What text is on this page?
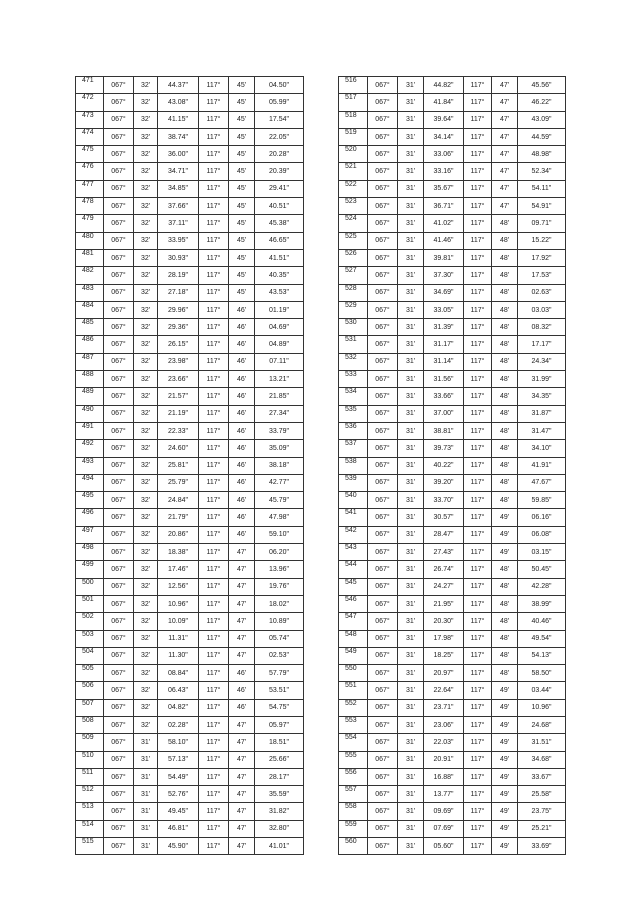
471	067°	32'	44.37"	117°	45'	04.50"
472	067°	32'	43.08"	117°	45'	05.99"
473	067°	32'	41.15"	117°	45'	17.54"
474	067°	32'	38.74"	117°	45'	22.05"
475	067°	32'	36.00"	117°	45'	20.28"
476	067°	32'	34.71"	117°	45'	20.39"
477	067°	32'	34.85"	117°	45'	29.41"
478	067°	32'	37.66"	117°	45'	40.51"
479	067°	32'	37.11"	117°	45'	45.38"
480	067°	32'	33.95"	117°	45'	46.65"
481	067°	32'	30.93"	117°	45'	41.51"
482	067°	32'	28.19"	117°	45'	40.35"
483	067°	32'	27.18"	117°	45'	43.53"
484	067°	32'	29.96"	117°	46'	01.19"
485	067°	32'	29.36"	117°	46'	04.69"
486	067°	32'	26.15"	117°	46'	04.89"
487	067°	32'	23.98"	117°	46'	07.11"
488	067°	32'	23.66"	117°	46'	13.21"
489	067°	32'	21.57"	117°	46'	21.85"
490	067°	32'	21.19"	117°	46'	27.34"
491	067°	32'	22.33"	117°	46'	33.79"
492	067°	32'	24.60"	117°	46'	35.09"
493	067°	32'	25.81"	117°	46'	38.18"
494	067°	32'	25.79"	117°	46'	42.77"
495	067°	32'	24.84"	117°	46'	45.79"
496	067°	32'	21.79"	117°	46'	47.98"
497	067°	32'	20.86"	117°	46'	59.10"
498	067°	32'	18.38"	117°	47'	06.20"
499	067°	32'	17.46"	117°	47'	13.96"
500	067°	32'	12.56"	117°	47'	19.76"
501	067°	32'	10.96"	117°	47'	18.02"
502	067°	32'	10.09"	117°	47'	10.89"
503	067°	32'	11.31"	117°	47'	05.74"
504	067°	32'	11.30"	117°	47'	02.53"
505	067°	32'	08.84"	117°	46'	57.79"
506	067°	32'	06.43"	117°	46'	53.51"
507	067°	32'	04.82"	117°	46'	54.75"
508	067°	32'	02.28"	117°	47'	05.97"
509	067°	31'	58.10"	117°	47'	18.51"
510	067°	31'	57.13"	117°	47'	25.66"
511	067°	31'	54.49"	117°	47'	28.17"
512	067°	31'	52.76"	117°	47'	35.59"
513	067°	31'	49.45"	117°	47'	31.82"
514	067°	31'	46.81"	117°	47'	32.80"
515	067°	31'	45.90"	117°	47'	41.01"
516	067°	31'	44.82"	117°	47'	45.56"
517	067°	31'	41.84"	117°	47'	46.22"
518	067°	31'	39.64"	117°	47'	43.09"
519	067°	31'	34.14"	117°	47'	44.59"
520	067°	31'	33.06"	117°	47'	48.98"
521	067°	31'	33.16"	117°	47'	52.34"
522	067°	31'	35.67"	117°	47'	54.11"
523	067°	31'	36.71"	117°	47'	54.91"
524	067°	31'	41.02"	117°	48'	09.71"
525	067°	31'	41.46"	117°	48'	15.22"
526	067°	31'	39.81"	117°	48'	17.92"
527	067°	31'	37.30"	117°	48'	17.53"
528	067°	31'	34.69"	117°	48'	02.63"
529	067°	31'	33.05"	117°	48'	03.03"
530	067°	31'	31.39"	117°	48'	08.32"
531	067°	31'	31.17"	117°	48'	17.17"
532	067°	31'	31.14"	117°	48'	24.34"
533	067°	31'	31.56"	117°	48'	31.99"
534	067°	31'	33.66"	117°	48'	34.35"
535	067°	31'	37.00"	117°	48'	31.87"
536	067°	31'	38.81"	117°	48'	31.47"
537	067°	31'	39.73"	117°	48'	34.10"
538	067°	31'	40.22"	117°	48'	41.91"
539	067°	31'	39.20"	117°	48'	47.67"
540	067°	31'	33.70"	117°	48'	59.85"
541	067°	31'	30.57"	117°	49'	06.16"
542	067°	31'	28.47"	117°	49'	06.08"
543	067°	31'	27.43"	117°	49'	03.15"
544	067°	31'	26.74"	117°	48'	50.45"
545	067°	31'	24.27"	117°	48'	42.28"
546	067°	31'	21.95"	117°	48'	38.99"
547	067°	31'	20.30"	117°	48'	40.46"
548	067°	31'	17.98"	117°	48'	49.54"
549	067°	31'	18.25"	117°	48'	54.13"
550	067°	31'	20.97"	117°	48'	58.50"
551	067°	31'	22.64"	117°	49'	03.44"
552	067°	31'	23.71"	117°	49'	10.96"
553	067°	31'	23.06"	117°	49'	24.68"
554	067°	31'	22.03"	117°	49'	31.51"
555	067°	31'	20.91"	117°	49'	34.68"
556	067°	31'	16.88"	117°	49'	33.67"
557	067°	31'	13.77"	117°	49'	25.58"
558	067°	31'	09.69"	117°	49'	23.75"
559	067°	31'	07.69"	117°	49'	25.21"
560	067°	31'	05.60"	117°	49'	33.69"
